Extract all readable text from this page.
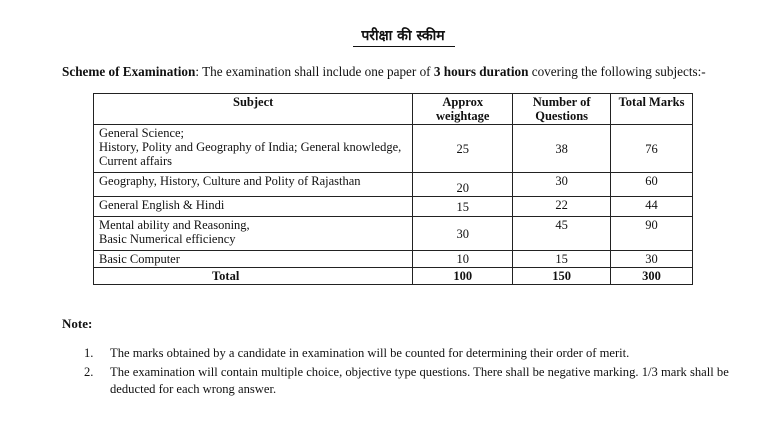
परीक्षा की स्कीम
Scheme of Examination: The examination shall include one paper of 3 hours duration covering the following subjects:-
Subject	Approx weightage	Number of Questions	Total Marks

General Science;
History, Polity and Geography of India; General knowledge, Current affairs	25	38	76

Geography, History, Culture and Polity of Rajasthan	20	30	60

General English & Hindi	15	22	44

Mental ability and Reasoning,
Basic Numerical efficiency	30	45	90

Basic Computer	10	15	30
Total	100	150	300
Note:
1. The marks obtained by a candidate in examination will be counted for determining their order of merit.
2. The examination will contain multiple choice, objective type questions. There shall be negative marking. 1/3 mark shall be deducted for each wrong answer.
